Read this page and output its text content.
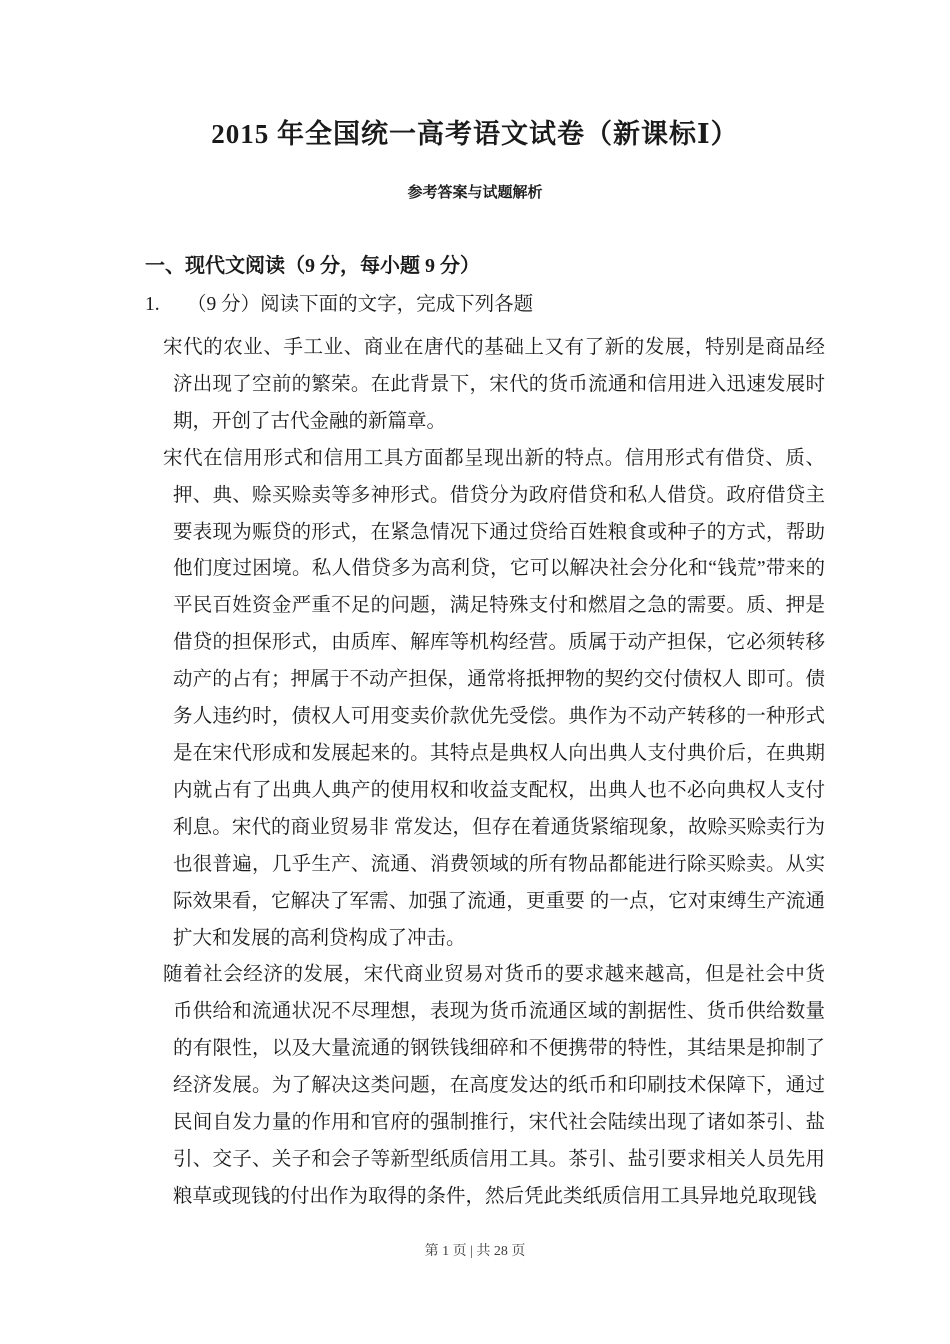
2015 年全国统一高考语文试卷（新课标Ⅰ）
参考答案与试题解析
一、现代文阅读（9 分，每小题 9 分）
1. （9 分）阅读下面的文字，完成下列各题

宋代的农业、手工业、商业在唐代的基础上又有了新的发展，特别是商品经济出现了空前的繁荣。在此背景下，宋代的货币流通和信用进入迅速发展时期，开创了古代金融的新篇章。

宋代在信用形式和信用工具方面都呈现出新的特点。信用形式有借贷、质、押、典、赊买赊卖等多神形式。借贷分为政府借贷和私人借贷。政府借贷主要表现为赈贷的形式，在紧急情况下通过贷给百姓粮食或种子的方式，帮助他们度过困境。私人借贷多为高利贷，它可以解决社会分化和“钱荒”带来的平民百姓资金严重不足的问题，满足特殊支付和燃眉之急的需要。质、押是借贷的担保形式，由质库、解库等机构经营。质属于动产担保，它必须转移动产的占有；押属于不动产担保，通常将抵押物的契约交付债权人 即可。债务人违约时，债权人可用变卖价款优先受偿。典作为不动产转移的一种形式是在宋代形成和发展起来的。其特点是典权人向出典人支付典价后，在典期内就占有了出典人典产的使用权和收益支配权，出典人也不必向典权人支付利息。宋代的商业贸易非 常发达，但存在着通货紧缩现象，故赊买赊卖行为也很普遍，几乎生产、流通、消费领域的所有物品都能进行除买赊卖。从实际效果看，它解决了军需、加强了流通，更重要 的一点，它对束缚生产流通扩大和发展的高利贷构成了冲击。

随着社会经济的发展，宋代商业贸易对货币的要求越来越高，但是社会中货币供给和流通状况不尽理想，表现为货币流通区域的割据性、货币供给数量的有限性，以及大量流通的钢铁钱细碎和不便携带的特性，其结果是抑制了经济发展。为了解决这类问题，在高度发达的纸币和印刷技术保障下，通过民间自发力量的作用和官府的强制推行，宋代社会陆续出现了诸如茶引、盐引、交子、关子和会子等新型纸质信用工具。茶引、盐引要求相关人员先用粮草或现钱的付出作为取得的条件，然后凭此类纸质信用工具异地兑取现钱

第 1 页 | 共 28 页
